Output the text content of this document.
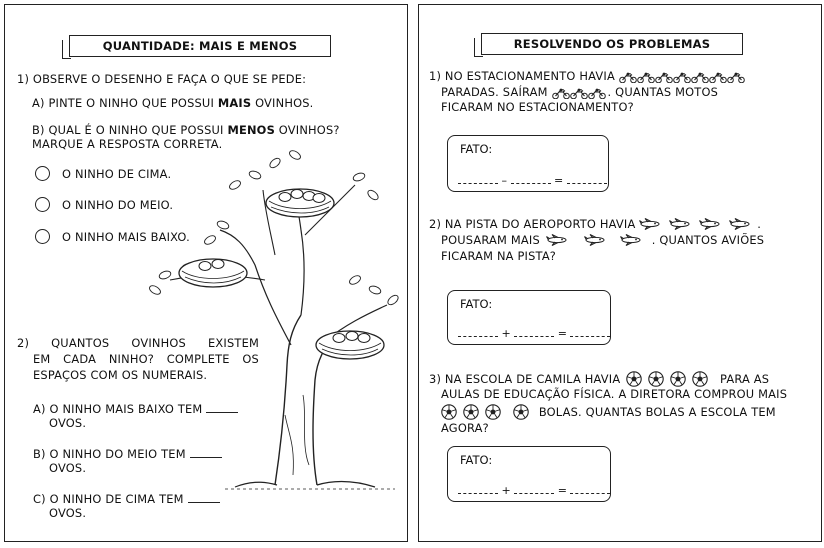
QUANTIDADE: MAIS E MENOS
1) OBSERVE O DESENHO E FAÇA O QUE SE PEDE:
A) PINTE O NINHO QUE POSSUI MAIS OVINHOS.
B) QUAL É O NINHO QUE POSSUI MENOS OVINHOS?
MARQUE A RESPOSTA CORRETA.
O NINHO DE CIMA.
O NINHO DO MEIO.
O NINHO MAIS BAIXO.
2) QUANTOS OVINHOS EXISTEM
EM CADA NINHO? COMPLETE OS
ESPAÇOS COM OS NUMERAIS.
A) O NINHO MAIS BAIXO TEM
OVOS.
B) O NINHO DO MEIO TEM
OVOS.
C) O NINHO DE CIMA TEM
OVOS.
RESOLVENDO OS PROBLEMAS
1) NO ESTACIONAMENTO HAVIA
PARADAS. SAÍRAM	. QUANTAS MOTOS
FICARAM NO ESTACIONAMENTO?
FATO:
–	=
2) NA PISTA DO AEROPORTO HAVIA	.
POUSARAM MAIS	. QUANTOS AVIÕES
FICARAM NA PISTA?
FATO:
+	=
3) NA ESCOLA DE CAMILA HAVIA	PARA AS
AULAS DE EDUCAÇÃO FÍSICA. A DIRETORA COMPROU MAIS
BOLAS. QUANTAS BOLAS A ESCOLA TEM
AGORA?
FATO:
+	=
